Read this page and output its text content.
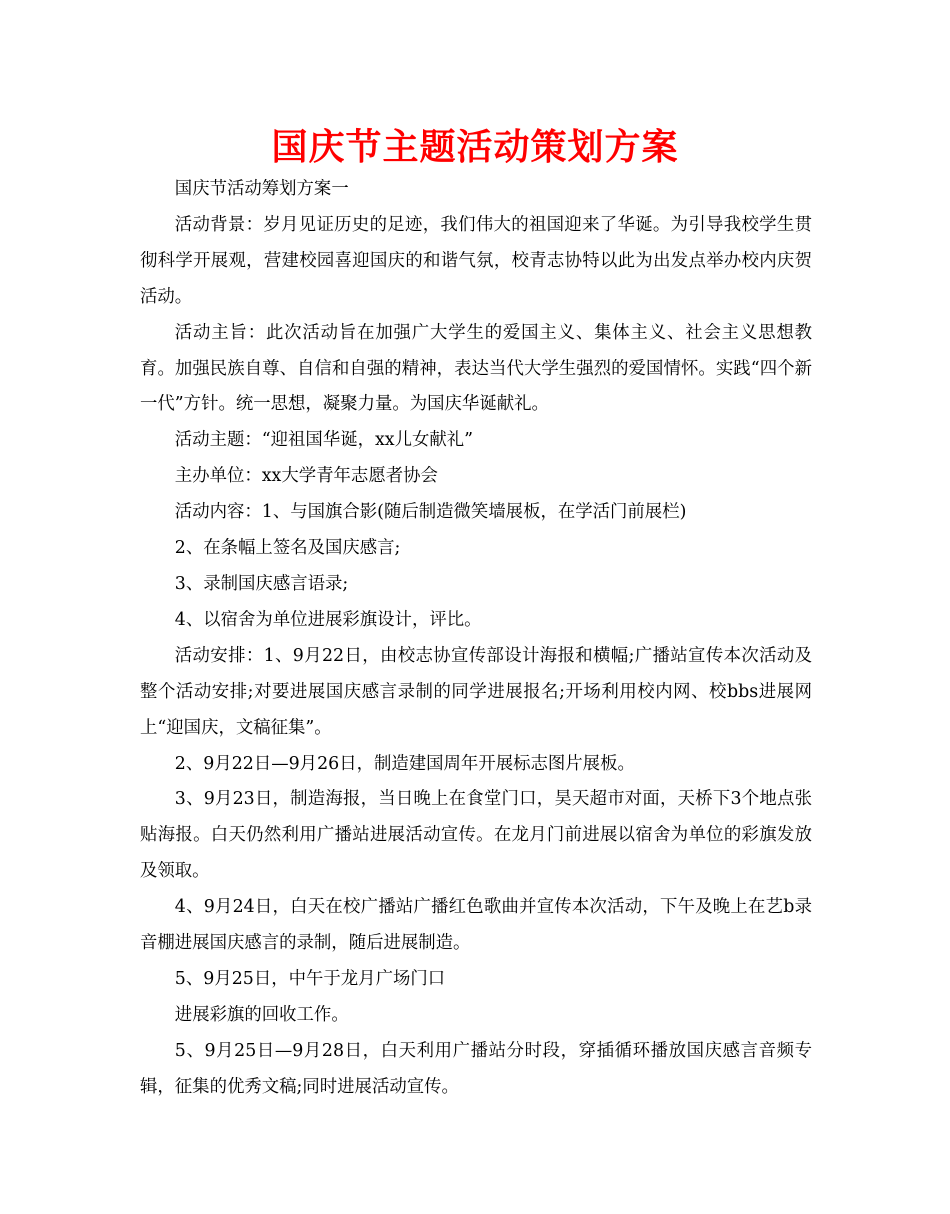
国庆节主题活动策划方案

国庆节活动筹划方案一

活动背景：岁月见证历史的足迹，我们伟大的祖国迎来了华诞。为引导我校学生贯彻科学开展观，营建校园喜迎国庆的和谐气氛，校青志协特以此为出发点举办校内庆贺活动。

活动主旨：此次活动旨在加强广大学生的爱国主义、集体主义、社会主义思想教育。加强民族自尊、自信和自强的精神，表达当代大学生强烈的爱国情怀。实践“四个新一代”方针。统一思想，凝聚力量。为国庆华诞献礼。

活动主题：“迎祖国华诞，xx儿女献礼”

主办单位：xx大学青年志愿者协会

活动内容：1、与国旗合影(随后制造微笑墙展板，在学活门前展栏)

2、在条幅上签名及国庆感言;

3、录制国庆感言语录;

4、以宿舍为单位进展彩旗设计，评比。

活动安排：1、9月22日，由校志协宣传部设计海报和横幅;广播站宣传本次活动及整个活动安排;对要进展国庆感言录制的同学进展报名;开场利用校内网、校bbs进展网上“迎国庆，文稿征集”。

2、9月22日—9月26日，制造建国周年开展标志图片展板。

3、9月23日，制造海报，当日晚上在食堂门口，昊天超市对面，天桥下3个地点张贴海报。白天仍然利用广播站进展活动宣传。在龙月门前进展以宿舍为单位的彩旗发放及领取。

4、9月24日，白天在校广播站广播红色歌曲并宣传本次活动，下午及晚上在艺b录音棚进展国庆感言的录制，随后进展制造。

5、9月25日，中午于龙月广场门口

进展彩旗的回收工作。

5、9月25日—9月28日，白天利用广播站分时段，穿插循环播放国庆感言音频专辑，征集的优秀文稿;同时进展活动宣传。
